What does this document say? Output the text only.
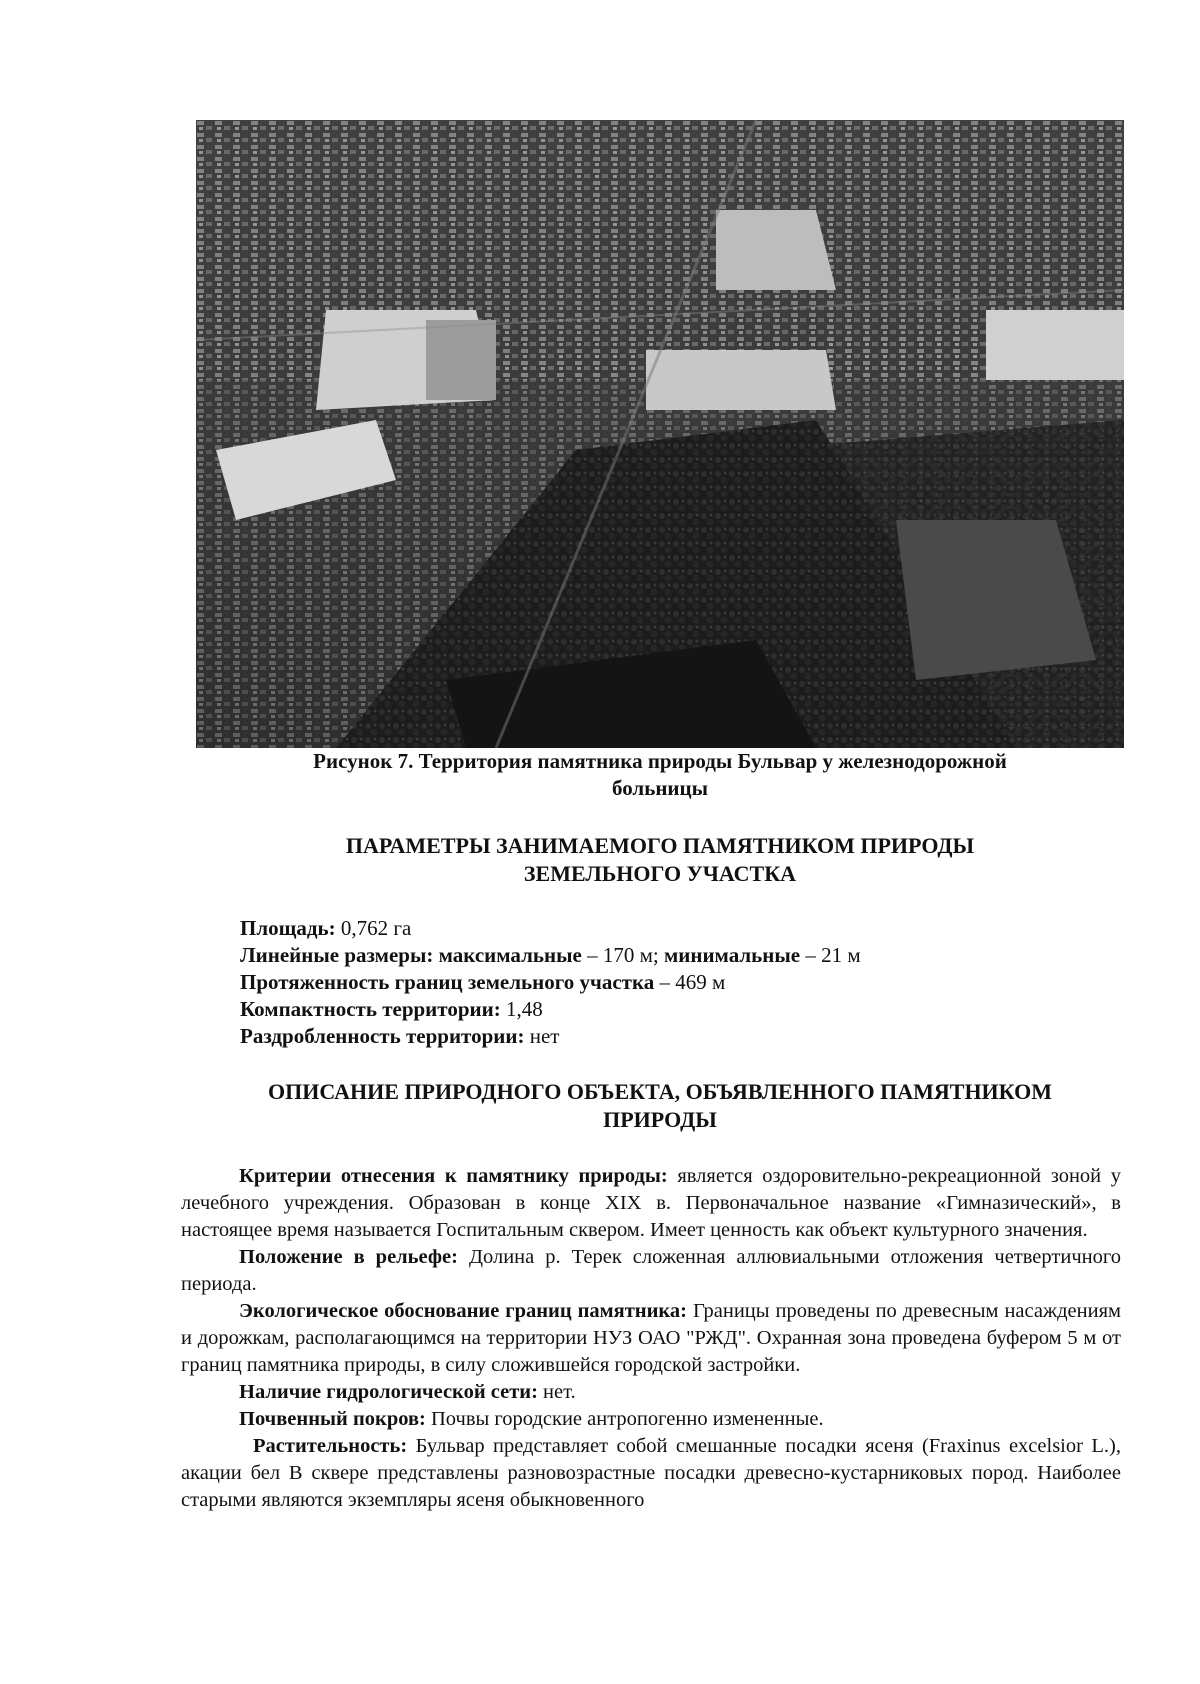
Рисунок 7. Территория памятника природы Бульвар у железнодорожной
больницы
ПАРАМЕТРЫ ЗАНИМАЕМОГО ПАМЯТНИКОМ ПРИРОДЫ
ЗЕМЕЛЬНОГО УЧАСТКА
Площадь: 0,762 га
Линейные размеры: максимальные – 170 м; минимальные – 21 м
Протяженность границ земельного участка – 469 м
Компактность территории: 1,48
Раздробленность территории: нет
ОПИСАНИЕ ПРИРОДНОГО ОБЪЕКТА, ОБЪЯВЛЕННОГО ПАМЯТНИКОМ
ПРИРОДЫ

Критерии отнесения к памятнику природы: является оздоровительно-рекреационной зоной у лечебного учреждения. Образован в конце XIX в. Первоначальное название «Гимназический», в настоящее время называется Госпитальным сквером. Имеет ценность как объект культурного значения.

Положение в рельефе: Долина р. Терек сложенная аллювиальными отложения четвертичного периода.

Экологическое обоснование границ памятника: Границы проведены по древесным насаждениям и дорожкам, располагающимся на территории НУЗ ОАО "РЖД". Охранная зона проведена буфером 5 м от границ памятника природы, в силу сложившейся городской застройки.

Наличие гидрологической сети: нет.

Почвенный покров: Почвы городские антропогенно измененные.

Растительность: Бульвар представляет собой смешанные посадки ясеня (Fraxinus excelsior L.), акации бел В сквере представлены разновозрастные посадки древесно-кустарниковых пород. Наиболее старыми являются экземпляры ясеня обыкновенного
